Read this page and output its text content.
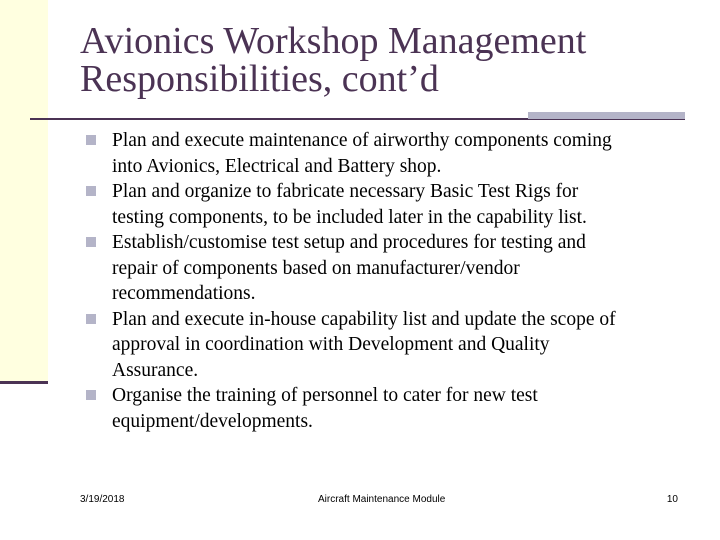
Avionics Workshop Management
Responsibilities, cont’d
Plan and execute maintenance of airworthy components coming
into Avionics, Electrical and Battery shop.
Plan and organize to fabricate necessary Basic Test Rigs for
testing components, to be included later in the capability list.
Establish/customise test setup and procedures for testing and
repair of components based on manufacturer/vendor
recommendations.
Plan and execute in-house capability list and update the scope of
approval in coordination with Development and Quality
Assurance.
Organise the training of personnel to cater for new test
equipment/developments.
3/19/2018	Aircraft Maintenance Module	10
